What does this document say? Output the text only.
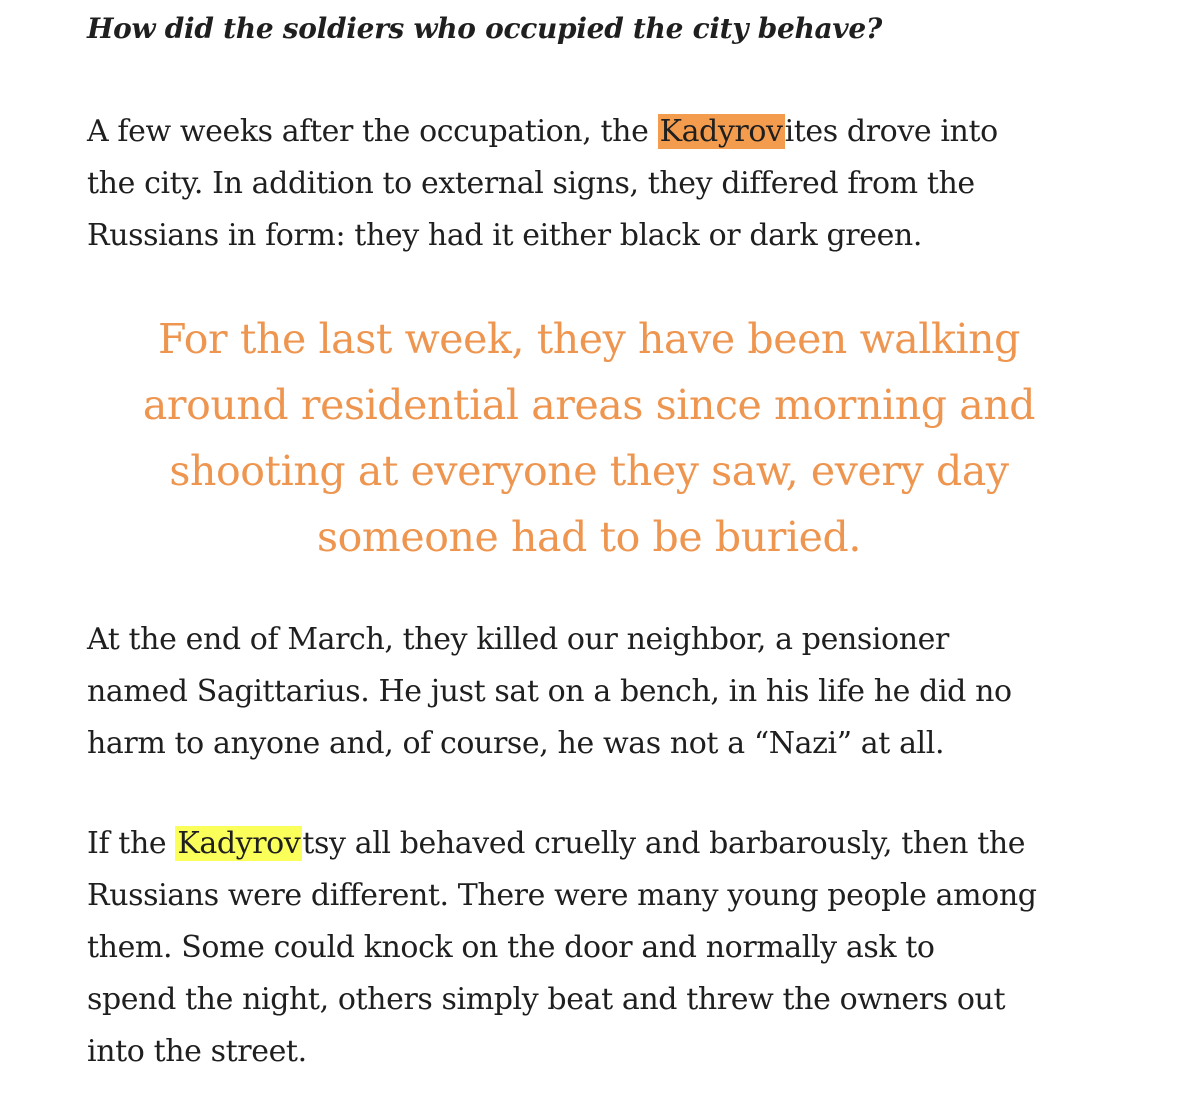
How did the soldiers who occupied the city behave?

A few weeks after the occupation, the Kadyrovites drove into
the city. In addition to external signs, they differed from the
Russians in form: they had it either black or dark green.

For the last week, they have been walking
around residential areas since morning and
shooting at everyone they saw, every day
someone had to be buried.

At the end of March, they killed our neighbor, a pensioner
named Sagittarius. He just sat on a bench, in his life he did no
harm to anyone and, of course, he was not a “Nazi” at all.

If the Kadyrovtsy all behaved cruelly and barbarously, then the
Russians were different. There were many young people among
them. Some could knock on the door and normally ask to
spend the night, others simply beat and threw the owners out
into the street.
